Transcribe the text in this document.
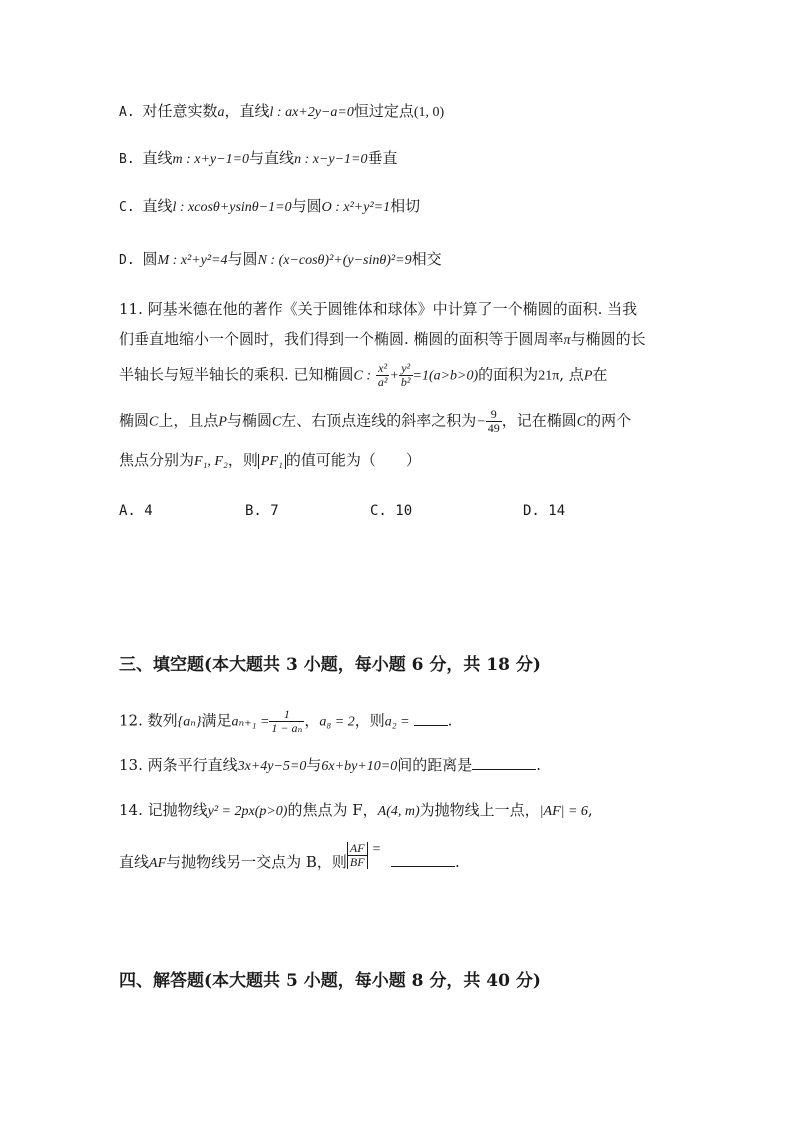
A. 对任意实数a，直线l : ax+2y−a=0恒过定点(1, 0)
B. 直线m : x+y−1=0与直线n : x−y−1=0垂直
C. 直线l : xcosθ+ysinθ−1=0与圆O : x²+y²=1相切
D. 圆M : x²+y²=4与圆N : (x−cosθ)²+(y−sinθ)²=9相交
11. 阿基米德在他的著作《关于圆锥体和球体》中计算了一个椭圆的面积. 当我
们垂直地缩小一个圆时，我们得到一个椭圆. 椭圆的面积等于圆周率π与椭圆的长
半轴长与短半轴长的乘积. 已知椭圆C : $\frac{\text{x²}}{\text{a²}} + \frac{\text{y²}}{\text{b²}} =1(a>b>0)$的面积为21π, 点P在
椭圆C上，且点P与椭圆C左、右顶点连线的斜率之积为− $\frac{9}{49}$ ，记在椭圆C的两个
焦点分别为F₁, F₂，则 PF₁ 的值可能为（　　）
A. 4	B. 7	C. 10	D. 14
三、填空题(本大题共 3 小题，每小题 6 分，共 18 分)
12. 数列{aₙ}满足$a_{n+1} = \frac{1}{\text{1 − aₙ}}$ ，a₈ = 2，则a₂ =	.
13. 两条平行直线3x+4y−5=0与6x+by+10=0间的距离是	.
14. 记抛物线y² = 2px(p>0)的焦点为 F，A(4, m)为抛物线上一点，|AF| = 6,
直线AF与抛物线另一交点为 B，则 $\frac{AF}{BF}$ =.
四、解答题(本大题共 5 小题，每小题 8 分，共 40 分)
